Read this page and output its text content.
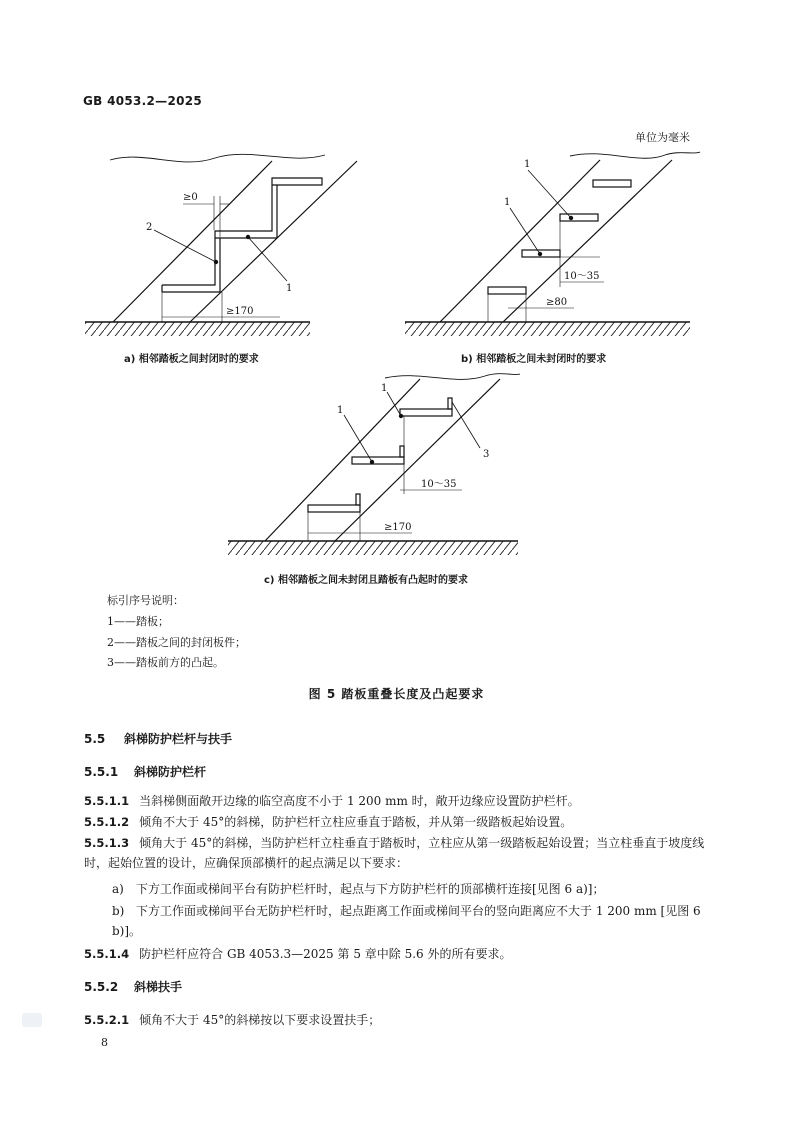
GB 4053.2—2025
单位为毫米
≥0
≥170
2
1
10～35
≥80
1
1
10～35
≥170
1
1
3
a) 相邻踏板之间封闭时的要求	b) 相邻踏板之间未封闭时的要求
c) 相邻踏板之间未封闭且踏板有凸起时的要求
标引序号说明：
1——踏板；
2——踏板之间的封闭板件；
3——踏板前方的凸起。
图 5 踏板重叠长度及凸起要求
5.5 斜梯防护栏杆与扶手
5.5.1 斜梯防护栏杆
5.5.1.1 当斜梯侧面敞开边缘的临空高度不小于 1 200 mm 时，敞开边缘应设置防护栏杆。
5.5.1.2 倾角不大于 45°的斜梯，防护栏杆立柱应垂直于踏板，并从第一级踏板起始设置。
5.5.1.3 倾角大于 45°的斜梯，当防护栏杆立柱垂直于踏板时，立柱应从第一级踏板起始设置；当立柱垂直于坡度线时，起始位置的设计，应确保顶部横杆的起点满足以下要求：
a) 下方工作面或梯间平台有防护栏杆时，起点与下方防护栏杆的顶部横杆连接[见图 6 a)]；
b) 下方工作面或梯间平台无防护栏杆时，起点距离工作面或梯间平台的竖向距离应不大于 1 200 mm [见图 6 b)]。
5.5.1.4 防护栏杆应符合 GB 4053.3—2025 第 5 章中除 5.6 外的所有要求。
5.5.2 斜梯扶手
5.5.2.1 倾角不大于 45°的斜梯按以下要求设置扶手；
8
